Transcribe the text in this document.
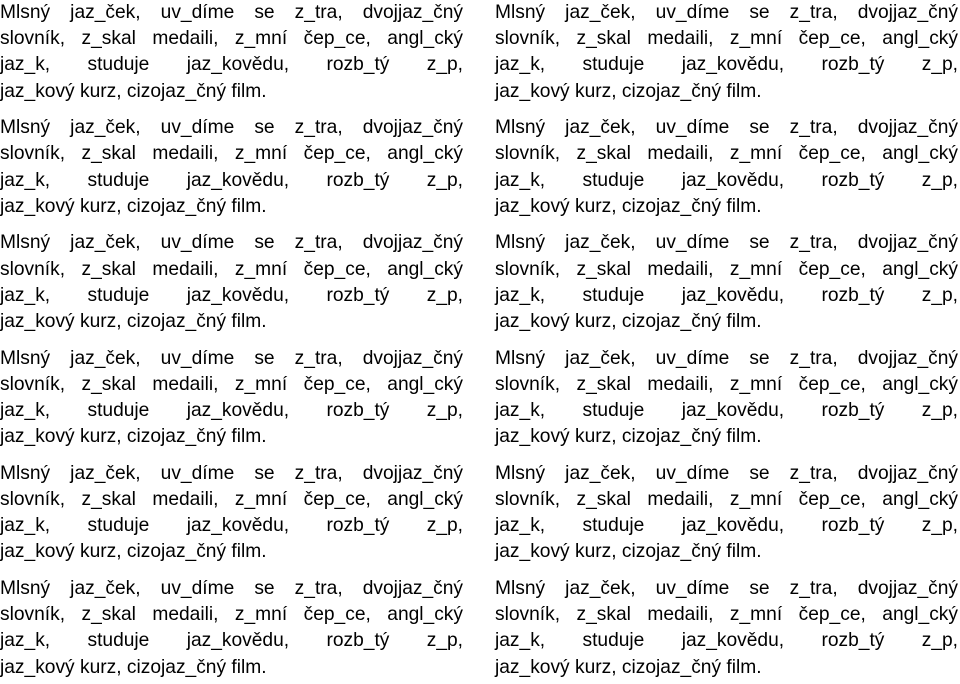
Mlsný jaz_ček, uv_díme se z_tra, dvojjaz_čný
slovník, z_skal medaili, z_mní čep_ce, angl_cký
jaz_k, studuje jaz_kovědu, rozb_tý z_p,
jaz_kový kurz, cizojaz_čný film.
Mlsný jaz_ček, uv_díme se z_tra, dvojjaz_čný
slovník, z_skal medaili, z_mní čep_ce, angl_cký
jaz_k, studuje jaz_kovědu, rozb_tý z_p,
jaz_kový kurz, cizojaz_čný film.
Mlsný jaz_ček, uv_díme se z_tra, dvojjaz_čný
slovník, z_skal medaili, z_mní čep_ce, angl_cký
jaz_k, studuje jaz_kovědu, rozb_tý z_p,
jaz_kový kurz, cizojaz_čný film.
Mlsný jaz_ček, uv_díme se z_tra, dvojjaz_čný
slovník, z_skal medaili, z_mní čep_ce, angl_cký
jaz_k, studuje jaz_kovědu, rozb_tý z_p,
jaz_kový kurz, cizojaz_čný film.
Mlsný jaz_ček, uv_díme se z_tra, dvojjaz_čný
slovník, z_skal medaili, z_mní čep_ce, angl_cký
jaz_k, studuje jaz_kovědu, rozb_tý z_p,
jaz_kový kurz, cizojaz_čný film.
Mlsný jaz_ček, uv_díme se z_tra, dvojjaz_čný
slovník, z_skal medaili, z_mní čep_ce, angl_cký
jaz_k, studuje jaz_kovědu, rozb_tý z_p,
jaz_kový kurz, cizojaz_čný film.
Mlsný jaz_ček, uv_díme se z_tra, dvojjaz_čný
slovník, z_skal medaili, z_mní čep_ce, angl_cký
jaz_k, studuje jaz_kovědu, rozb_tý z_p,
jaz_kový kurz, cizojaz_čný film.
Mlsný jaz_ček, uv_díme se z_tra, dvojjaz_čný
slovník, z_skal medaili, z_mní čep_ce, angl_cký
jaz_k, studuje jaz_kovědu, rozb_tý z_p,
jaz_kový kurz, cizojaz_čný film.
Mlsný jaz_ček, uv_díme se z_tra, dvojjaz_čný
slovník, z_skal medaili, z_mní čep_ce, angl_cký
jaz_k, studuje jaz_kovědu, rozb_tý z_p,
jaz_kový kurz, cizojaz_čný film.
Mlsný jaz_ček, uv_díme se z_tra, dvojjaz_čný
slovník, z_skal medaili, z_mní čep_ce, angl_cký
jaz_k, studuje jaz_kovědu, rozb_tý z_p,
jaz_kový kurz, cizojaz_čný film.
Mlsný jaz_ček, uv_díme se z_tra, dvojjaz_čný
slovník, z_skal medaili, z_mní čep_ce, angl_cký
jaz_k, studuje jaz_kovědu, rozb_tý z_p,
jaz_kový kurz, cizojaz_čný film.
Mlsný jaz_ček, uv_díme se z_tra, dvojjaz_čný
slovník, z_skal medaili, z_mní čep_ce, angl_cký
jaz_k, studuje jaz_kovědu, rozb_tý z_p,
jaz_kový kurz, cizojaz_čný film.
